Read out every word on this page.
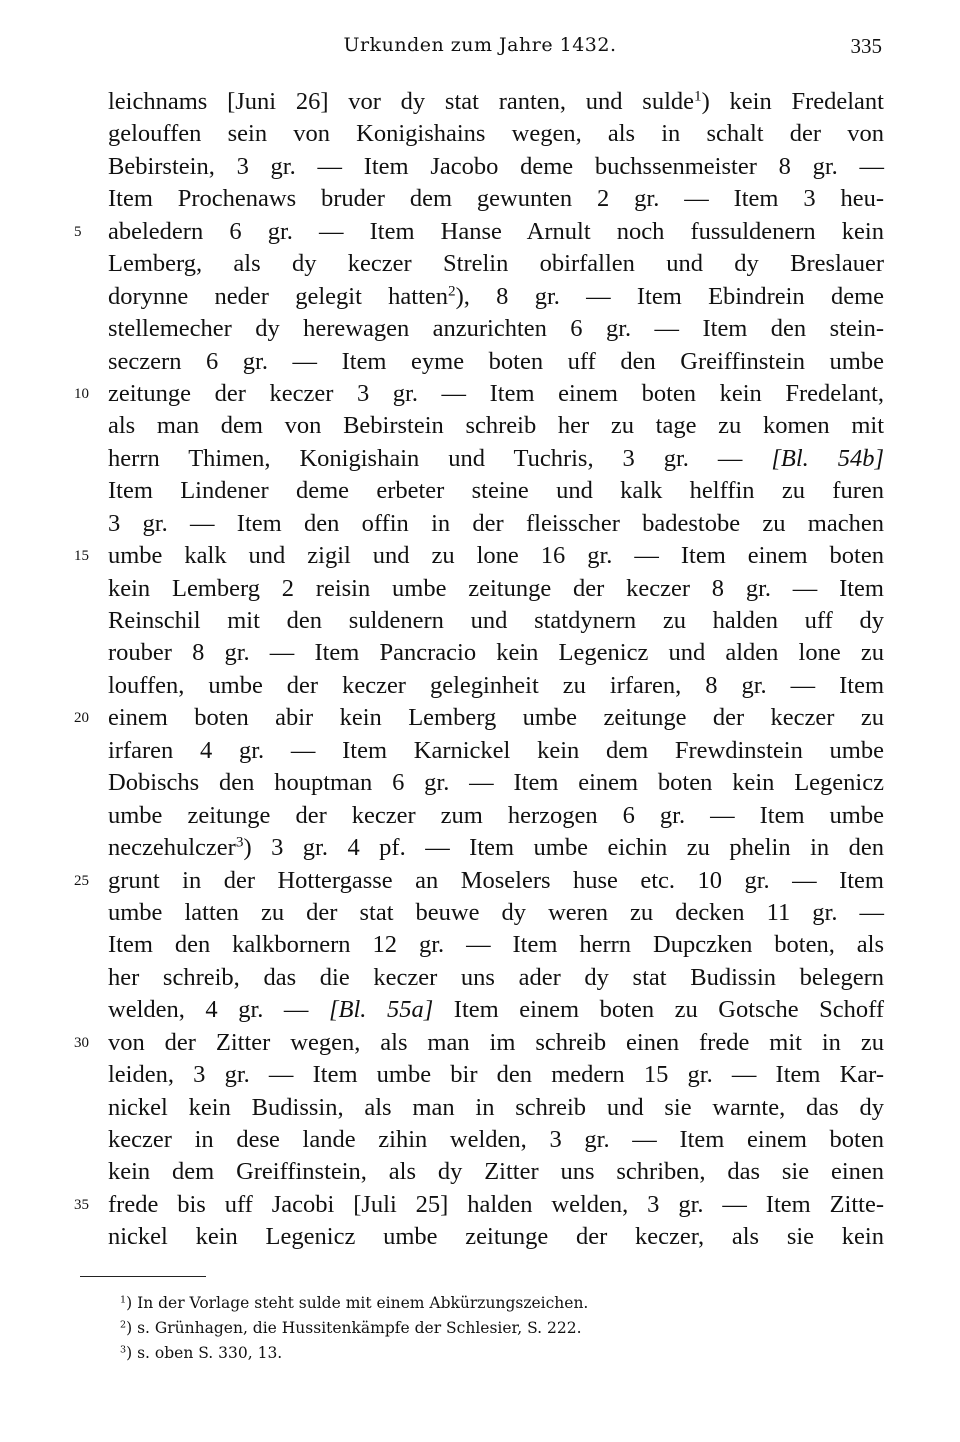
Urkunden zum Jahre 1432.	335
leichnams [Juni 26] vor dy stat ranten, und sulde$^1$) kein Fredelant
gelouffen sein von Konigishains wegen, als in schalt der von
Bebirstein, 3 gr. — Item Jacobo deme buchssenmeister 8 gr. —
Item Prochenaws bruder dem gewunten 2 gr. — Item 3 heu-
5	abeledern 6 gr. — Item Hanse Arnult noch fussuldenern kein
Lemberg, als dy keczer Strelin obirfallen und dy Breslauer
dorynne neder gelegit hatten$^2$), 8 gr. — Item Ebindrein deme
stellemecher dy herewagen anzurichten 6 gr. — Item den stein-
seczern 6 gr. — Item eyme boten uff den Greiffinstein umbe
10 zeitunge der keczer 3 gr. — Item einem boten kein Fredelant,
als man dem von Bebirstein schreib her zu tage zu komen mit
herrn Thimen, Konigishain und Tuchris, 3 gr. — [Bl. 54b]
Item Lindener deme erbeter steine und kalk helffin zu furen
3 gr. — Item den offin in der fleisscher badestobe zu machen
15 umbe kalk und zigil und zu lone 16 gr. — Item einem boten
kein Lemberg 2 reisin umbe zeitunge der keczer 8 gr. — Item
Reinschil mit den suldenern und statdynern zu halden uff dy
rouber 8 gr. — Item Pancracio kein Legenicz und alden lone zu
louffen, umbe der keczer geleginheit zu irfaren, 8 gr. — Item
20 einem boten abir kein Lemberg umbe zeitunge der keczer zu
irfaren 4 gr. — Item Karnickel kein dem Frewdinstein umbe
Dobischs den houptman 6 gr. — Item einem boten kein Legenicz
umbe zeitunge der keczer zum herzogen 6 gr. — Item umbe
neczehulczer$^3$) 3 gr. 4 pf. — Item umbe eichin zu phelin in den
25 grunt in der Hottergasse an Moselers huse etc. 10 gr. — Item
umbe latten zu der stat beuwe dy weren zu decken 11 gr. —
Item den kalkbornern 12 gr. — Item herrn Dupczken boten, als
her schreib, das die keczer uns ader dy stat Budissin belegern
welden, 4 gr. — [Bl. 55a] Item einem boten zu Gotsche Schoff
30 von der Zitter wegen, als man im schreib einen frede mit in zu
leiden, 3 gr. — Item umbe bir den medern 15 gr. — Item Kar-
nickel kein Budissin, als man in schreib und sie warnte, das dy
keczer in dese lande zihin welden, 3 gr. — Item einem boten
kein dem Greiffinstein, als dy Zitter uns schriben, das sie einen
35 frede bis uff Jacobi [Juli 25] halden welden, 3 gr. — Item Zitte-
nickel kein Legenicz umbe zeitunge der keczer, als sie kein
$^1$) In der Vorlage steht sulde mit einem Abkürzungszeichen.
$^2$) s. Grünhagen, die Hussitenkämpfe der Schlesier, S. 222.
$^3$) s. oben S. 330, 13.
